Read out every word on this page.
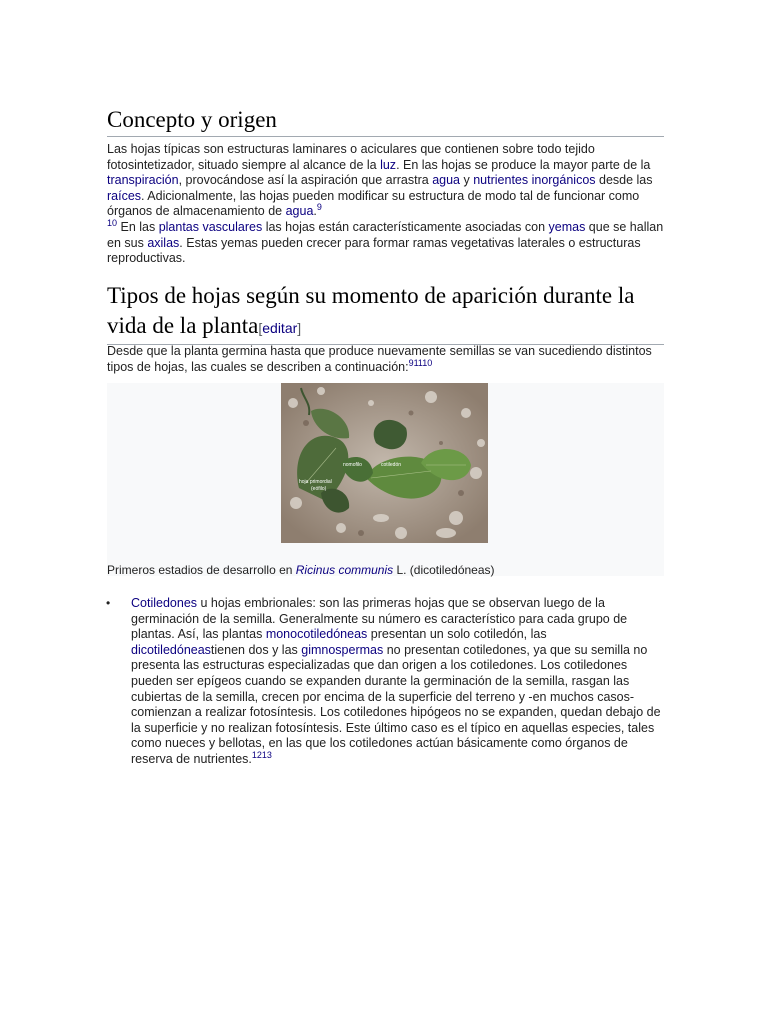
Concepto y origen

Las hojas típicas son estructuras laminares o aciculares que contienen sobre todo tejido fotosintetizador, situado siempre al alcance de la luz. En las hojas se produce la mayor parte de la transpiración, provocándose así la aspiración que arrastra agua y nutrientes inorgánicos desde las raíces. Adicionalmente, las hojas pueden modificar su estructura de modo tal de funcionar como órganos de almacenamiento de agua.$^9$
$^{10}$ En las plantas vasculares las hojas están característicamente asociadas con yemas que se hallan en sus axilas. Estas yemas pueden crecer para formar ramas vegetativas laterales o estructuras reproductivas.

Tipos de hojas según su momento de aparición durante la vida de la planta[editar]

Desde que la planta germina hasta que produce nuevamente semillas se van sucediendo distintos tipos de hojas, las cuales se describen a continuación:$^{91110}$

nomofilo	cotiledón
hoja primordial
(eófilo)
Primeros estadios de desarrollo en Ricinus communis L. (dicotiledóneas)
• Cotiledones u hojas embrionales: son las primeras hojas que se observan luego de la germinación de la semilla. Generalmente su número es característico para cada grupo de plantas. Así, las plantas monocotiledóneas presentan un solo cotiledón, las dicotiledóneastienen dos y las gimnospermas no presentan cotiledones, ya que su semilla no presenta las estructuras especializadas que dan origen a los cotiledones. Los cotiledones pueden ser epígeos cuando se expanden durante la germinación de la semilla, rasgan las cubiertas de la semilla, crecen por encima de la superficie del terreno y -en muchos casos- comienzan a realizar fotosíntesis. Los cotiledones hipógeos no se expanden, quedan debajo de la superficie y no realizan fotosíntesis. Este último caso es el típico en aquellas especies, tales como nueces y bellotas, en las que los cotiledones actúan básicamente como órganos de reserva de nutrientes.$^{1213}$
